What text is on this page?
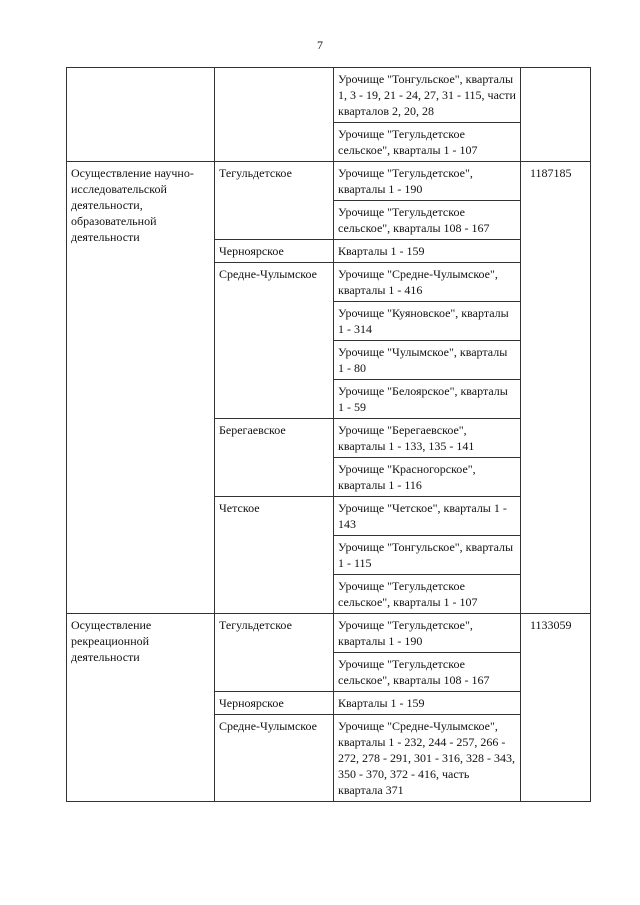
7
		Урочище "Тонгульское", кварталы 1, 3 - 19, 21 - 24, 27, 31 - 115, части кварталов 2, 20, 28	
		Урочище "Тегульдетское сельское", кварталы 1 - 107	
Осуществление научно-исследовательской деятельности, образовательной деятельности	Тегульдетское	Урочище "Тегульдетское", кварталы 1 - 190	1187185
		Урочище "Тегульдетское сельское", кварталы 108 - 167	
	Черноярское	Кварталы 1 - 159	
	Средне-Чулымское	Урочище "Средне-Чулымское", кварталы 1 - 416	
		Урочище "Куяновское", кварталы 1 - 314	
		Урочище "Чулымское", кварталы 1 - 80	
		Урочище "Белоярское", кварталы 1 - 59	
	Берегаевское	Урочище "Берегаевское", кварталы 1 - 133, 135 - 141	
		Урочище "Красногорское", кварталы 1 - 116	
	Четское	Урочище "Четское", кварталы 1 - 143	
		Урочище "Тонгульское", кварталы 1 - 115	
		Урочище "Тегульдетское сельское", кварталы 1 - 107	
Осуществление рекреационной деятельности	Тегульдетское	Урочище "Тегульдетское", кварталы 1 - 190	1133059
		Урочище "Тегульдетское сельское", кварталы 108 - 167	
	Черноярское	Кварталы 1 - 159	
	Средне-Чулымское	Урочище "Средне-Чулымское", кварталы 1 - 232, 244 - 257, 266 - 272, 278 - 291, 301 - 316, 328 - 343, 350 - 370, 372 - 416, часть квартала 371	
